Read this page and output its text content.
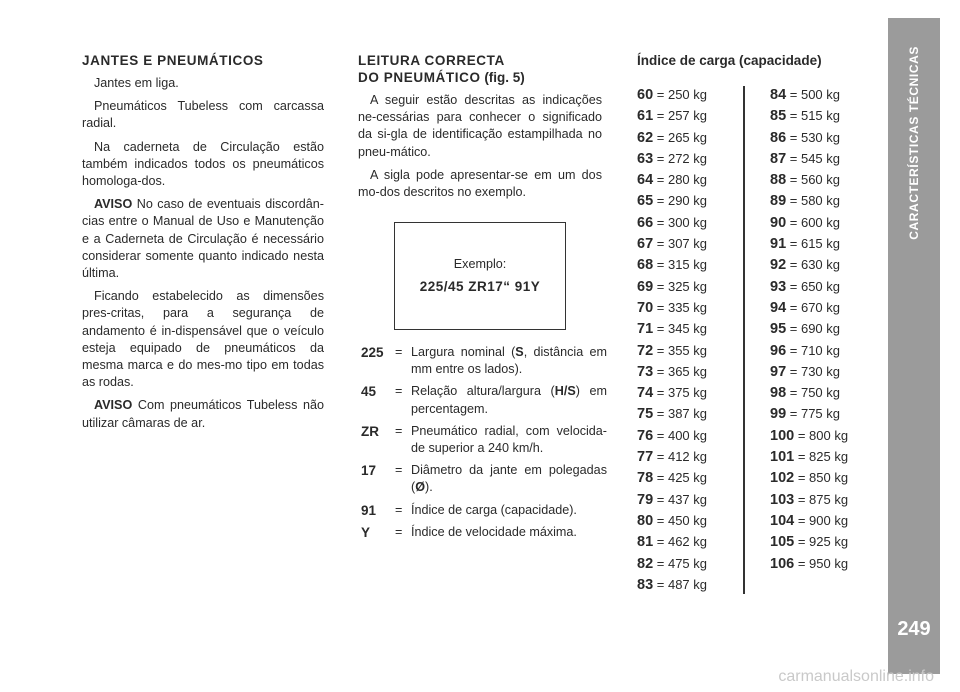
JANTES E PNEUMÁTICOS

Jantes em liga.

Pneumáticos Tubeless com carcassa radial.

Na caderneta de Circulação estão também indicados todos os pneumáticos homologa-dos.

AVISO No caso de eventuais discordân-cias entre o Manual de Uso e Manutenção e a Caderneta de Circulação é necessário considerar somente quanto indicado nesta última.

Ficando estabelecido as dimensões pres-critas, para a segurança de andamento é in-dispensável que o veículo esteja equipado de pneumáticos da mesma marca e do mes-mo tipo em todas as rodas.

AVISO Com pneumáticos Tubeless não utilizar câmaras de ar.

LEITURA CORRECTA
DO PNEUMÁTICO (fig. 5)

A seguir estão descritas as indicações ne-cessárias para conhecer o significado da si-gla de identificação estampilhada no pneu-mático.

A sigla pode apresentar-se em um dos mo-dos descritos no exemplo.

Exemplo:
225/45 ZR17“ 91Y
225 = Largura nominal (S, distância em mm entre os lados).
45	= Relação altura/largura (H/S) em percentagem.
ZR	= Pneumático radial, com velocida-de superior a 240 km/h.
17	= Diâmetro da jante em polegadas (Ø).
91	= Índice de carga (capacidade).
Y	= Índice de velocidade máxima.
Índice de carga (capacidade)
60 = 250 kg
61 = 257 kg
62 = 265 kg
63 = 272 kg
64 = 280 kg
65 = 290 kg
66 = 300 kg
67 = 307 kg
68 = 315 kg
69 = 325 kg
70 = 335 kg
71 = 345 kg
72 = 355 kg
73 = 365 kg
74 = 375 kg
75 = 387 kg
76 = 400 kg
77 = 412 kg
78 = 425 kg
79 = 437 kg
80 = 450 kg
81 = 462 kg
82 = 475 kg
83 = 487 kg
84 = 500 kg
85 = 515 kg
86 = 530 kg
87 = 545 kg
88 = 560 kg
89 = 580 kg
90 = 600 kg
91 = 615 kg
92 = 630 kg
93 = 650 kg
94 = 670 kg
95 = 690 kg
96 = 710 kg
97 = 730 kg
98 = 750 kg
99 = 775 kg
100 = 800 kg
101 = 825 kg
102 = 850 kg
103 = 875 kg
104 = 900 kg
105 = 925 kg
106 = 950 kg
CARACTERÍSTICAS TÉCNICAS
249
carmanualsonline.info
